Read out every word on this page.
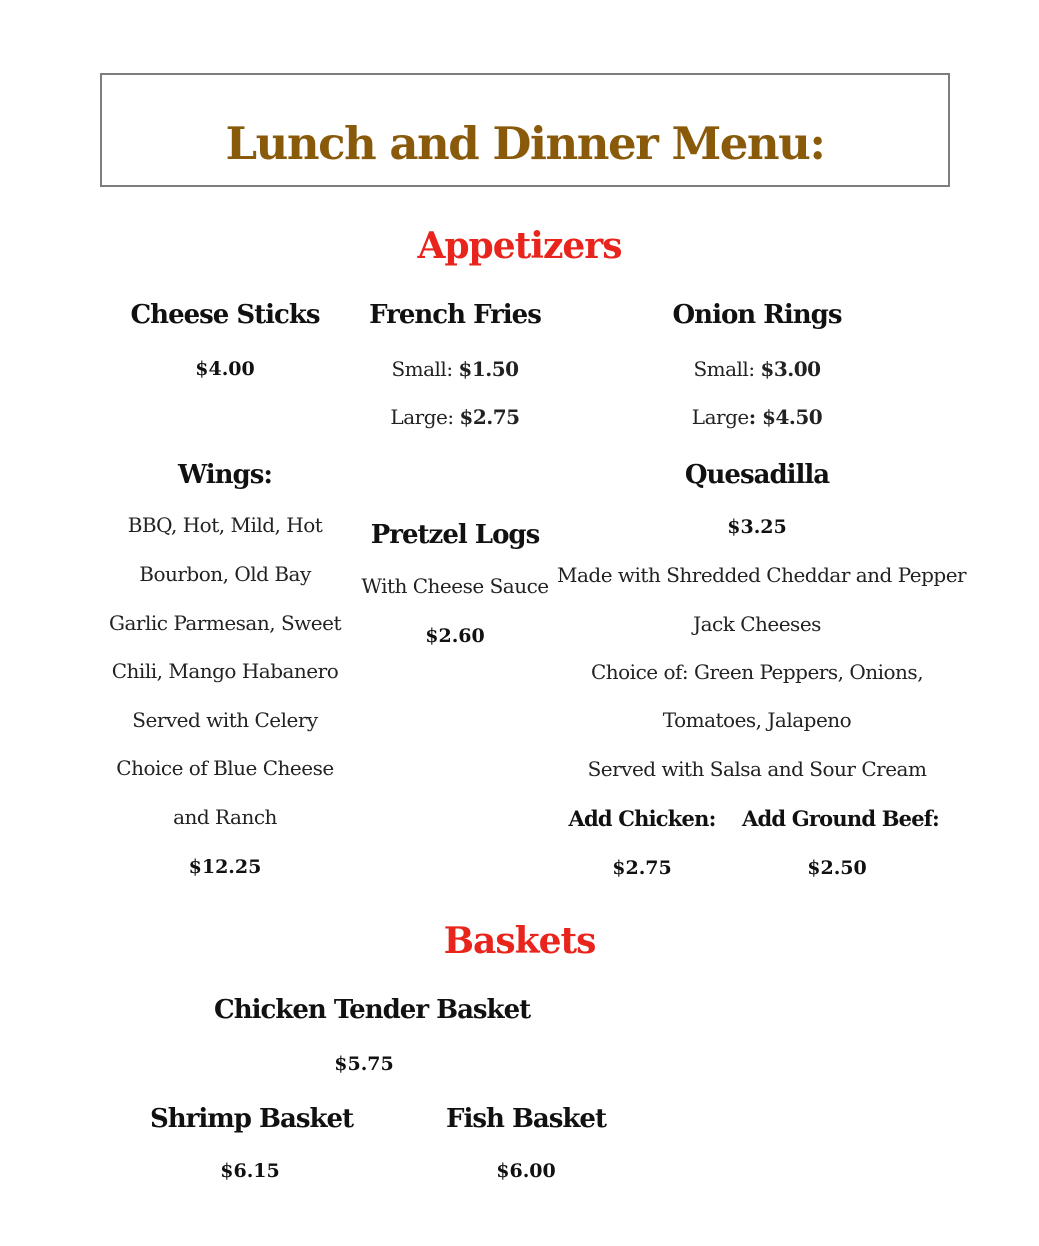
Lunch and Dinner Menu:
Appetizers
Cheese Sticks
$4.00
French Fries
Small: $1.50
Large: $2.75
Onion Rings
Small: $3.00
Large: $4.50
Wings:
BBQ, Hot, Mild, Hot
Bourbon, Old Bay
Garlic Parmesan, Sweet
Chili, Mango Habanero
Served with Celery
Choice of Blue Cheese
and Ranch
$12.25
Pretzel Logs
With Cheese Sauce
$2.60
Quesadilla
$3.25
Made with Shredded Cheddar and Pepper
Jack Cheeses
Choice of: Green Peppers, Onions,
Tomatoes, Jalapeno
Served with Salsa and Sour Cream
Add Chicken:
$2.75
Add Ground Beef:
$2.50
Baskets
Chicken Tender Basket
$5.75
Shrimp Basket
$6.15
Fish Basket
$6.00
